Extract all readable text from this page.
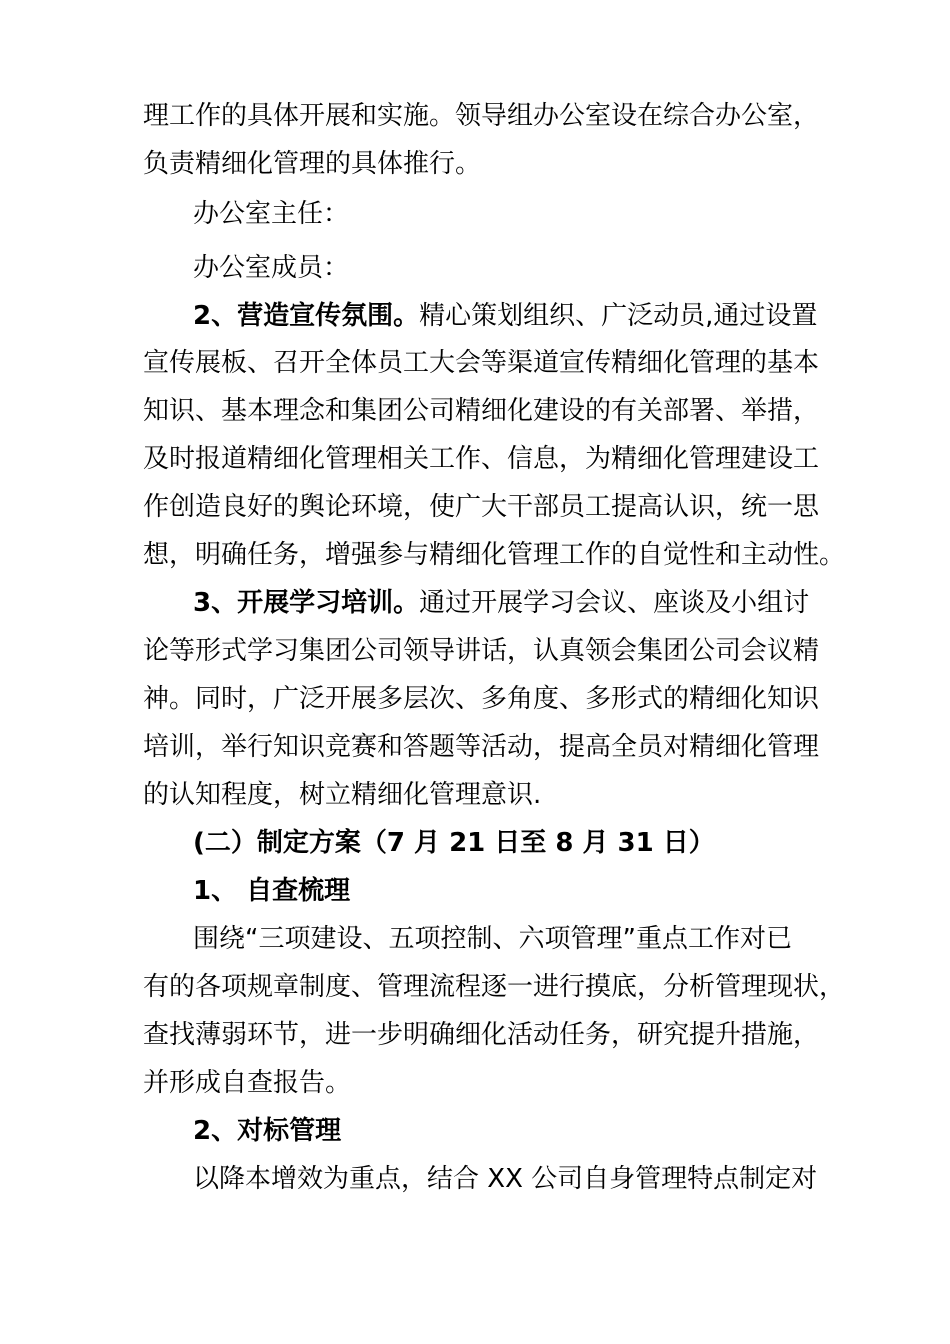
理工作的具体开展和实施。领导组办公室设在综合办公室，
负责精细化管理的具体推行。
办公室主任：
办公室成员：
2、营造宣传氛围。精心策划组织、广泛动员,通过设置
宣传展板、召开全体员工大会等渠道宣传精细化管理的基本
知识、基本理念和集团公司精细化建设的有关部署、举措，
及时报道精细化管理相关工作、信息，为精细化管理建设工
作创造良好的舆论环境，使广大干部员工提高认识，统一思
想，明确任务，增强参与精细化管理工作的自觉性和主动性。
3、开展学习培训。通过开展学习会议、座谈及小组讨
论等形式学习集团公司领导讲话，认真领会集团公司会议精
神。同时，广泛开展多层次、多角度、多形式的精细化知识
培训，举行知识竞赛和答题等活动，提高全员对精细化管理
的认知程度，树立精细化管理意识.
(二）制定方案（7 月 21 日至 8 月 31 日）
1、 自查梳理
围绕“三项建设、五项控制、六项管理”重点工作对已
有的各项规章制度、管理流程逐一进行摸底，分析管理现状，
查找薄弱环节，进一步明确细化活动任务，研究提升措施，
并形成自查报告。
2、对标管理
以降本增效为重点，结合 XX 公司自身管理特点制定对
